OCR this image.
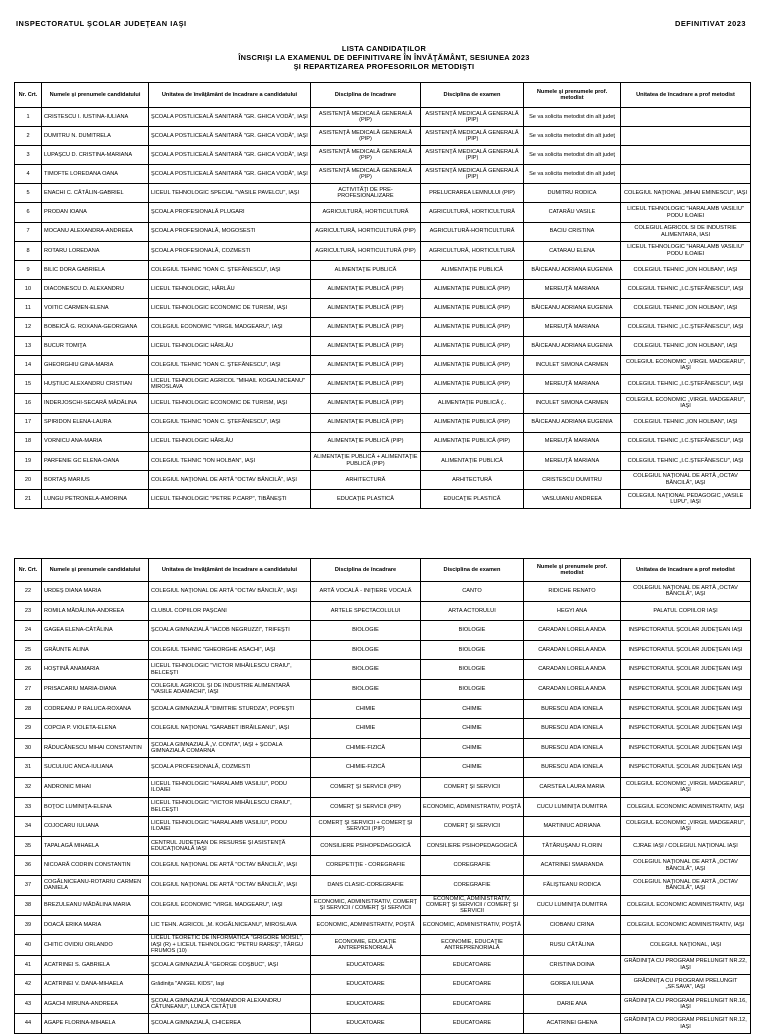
INSPECTORATUL ŞCOLAR JUDEŢEAN IAŞI	DEFINITIVAT 2023
LISTA CANDIDAŢILOR
ÎNSCRIŞI LA EXAMENUL DE DEFINITIVARE ÎN ÎNVĂŢĂMÂNT, SESIUNEA 2023
ŞI REPARTIZAREA PROFESORILOR METODIŞTI
Nr. Crt.	Numele şi prenumele candidatului	Unitatea de învăţământ de încadrare a candidatului	Disciplina de încadrare	Disciplina de examen	Numele şi prenumele prof. metodist	Unitatea de încadrare a prof metodist
1	CRISTESCU I. IUSTINA-IULIANA	ŞCOALA POSTLICEALĂ SANITARĂ "GR. GHICA VODĂ", IAŞI	ASISTENŢĂ MEDICALĂ GENERALĂ (PIP)	ASISTENŢĂ MEDICALĂ GENERALĂ (PIP)	Se va solicita metodist din alt judeţ	
2	DUMITRU N. DUMITRELA	ŞCOALA POSTLICEALĂ SANITARĂ "GR. GHICA VODĂ", IAŞI	ASISTENŢĂ MEDICALĂ GENERALĂ (PIP)	ASISTENŢĂ MEDICALĂ GENERALĂ (PIP)	Se va solicita metodist din alt judeţ	
3	LUPAŞCU D. CRISTINA-MARIANA	ŞCOALA POSTLICEALĂ SANITARĂ "GR. GHICA VODĂ", IAŞI	ASISTENŢĂ MEDICALĂ GENERALĂ (PIP)	ASISTENŢĂ MEDICALĂ GENERALĂ (PIP)	Se va solicita metodist din alt judeţ	
4	TIMOFTE LOREDANA OANA	ŞCOALA POSTLICEALĂ SANITARĂ "GR. GHICA VODĂ", IAŞI	ASISTENŢĂ MEDICALĂ GENERALĂ (PIP)	ASISTENŢĂ MEDICALĂ GENERALĂ (PIP)	Se va solicita metodist din alt judeţ	
5	ENACHI C. CĂTĂLIN-GABRIEL	LICEUL TEHNOLOGIC SPECIAL "VASILE PAVELCU", IAŞI	ACTIVITĂŢI DE PRE-PROFESIONALIZARE	PRELUCRAREA LEMNULUI (PIP)	DUMITRU RODICA	COLEGIUL NAŢIONAL „MIHAI EMINESCU", IAŞI
6	PRODAN IOANA	ŞCOALA PROFESIONALĂ PLUGARI	AGRICULTURĂ, HORTICULTURĂ	AGRICULTURĂ, HORTICULTURĂ	CATARĂU VASILE	LICEUL TEHNOLOGIC "HARALAMB VASILIU" PODU ILOAIEI
7	MOCANU ALEXANDRA-ANDREEA	ŞCOALA PROFESIONALĂ, MOGOSESTI	AGRICULTURĂ, HORTICULTURĂ (PIP)	AGRICULTURĂ-HORTICULTURĂ	BACIU CRISTINA	COLEGIUL AGRICOL SI DE INDUSTRIE ALIMENTARA, IASI
8	ROTARU LOREDANA	ŞCOALA PROFESIONALĂ, COZMESTI	AGRICULTURĂ, HORTICULTURĂ (PIP)	AGRICULTURĂ, HORTICULTURĂ	CATARAU ELENA	LICEUL TEHNOLOGIC "HARALAMB VASILIU" PODU ILOAIEI
9	BILIC DORA GABRIELA	COLEGIUL TEHNIC "IOAN C. ŞTEFĂNESCU", IAŞI	ALIMENTAŢIE PUBLICĂ	ALIMENTAŢIE PUBLICĂ	BĂICEANU ADRIANA EUGENIA	COLEGIUL TEHNIC „ION HOLBAN", IAŞI
10	DIACONESCU D. ALEXANDRU	LICEUL TEHNOLOGIC, HÂRLĂU	ALIMENTAŢIE PUBLICĂ (PIP)	ALIMENTAŢIE PUBLICĂ (PIP)	MEREUŢĂ MARIANA	COLEGIUL TEHNIC „I.C.ŞTEFĂNESCU", IAŞI
11	VOITIC CARMEN-ELENA	LICEUL TEHNOLOGIC ECONOMIC DE TURISM, IAŞI	ALIMENTAŢIE PUBLICĂ (PIP)	ALIMENTAŢIE PUBLICĂ (PIP)	BĂICEANU ADRIANA EUGENIA	COLEGIUL TEHNIC „ION HOLBAN", IAŞI
12	BOBEICĂ G. ROXANA-GEORGIANA	COLEGIUL ECONOMIC "VIRGIL MADGEARU", IAŞI	ALIMENTAŢIE PUBLICĂ (PIP)	ALIMENTAŢIE PUBLICĂ (PIP)	MEREUŢĂ MARIANA	COLEGIUL TEHNIC „I.C.ŞTEFĂNESCU", IAŞI
13	BUCUR TOMIŢA	LICEUL TEHNOLOGIC HÂRLĂU	ALIMENTAŢIE PUBLICĂ (PIP)	ALIMENTAŢIE PUBLICĂ (PIP)	BĂICEANU ADRIANA EUGENIA	COLEGIUL TEHNIC „ION HOLBAN", IAŞI
14	GHEORGHIU GINA-MARIA	COLEGIUL TEHNIC "IOAN C. ŞTEFĂNESCU", IAŞI	ALIMENTAŢIE PUBLICĂ (PIP)	ALIMENTAŢIE PUBLICĂ (PIP)	INCULET SIMONA CARMEN	COLEGIUL ECONOMIC „VIRGIL MADGEARU", IAŞI
15	HUŞTIUC ALEXANDRU CRISTIAN	LICEUL TEHNOLOGIC AGRICOL "MIHAIL KOGALNICEANU" MIROSLAVA	ALIMENTAŢIE PUBLICĂ (PIP)	ALIMENTAŢIE PUBLICĂ (PIP)	MEREUŢĂ MARIANA	COLEGIUL TEHNIC „I.C.ŞTEFĂNESCU", IAŞI
16	INDERJOSCHI-SECARĂ MĂDĂLINA	LICEUL TEHNOLOGIC ECONOMIC DE TURISM, IAŞI	ALIMENTAŢIE PUBLICĂ (PIP)	ALIMENTAŢIE PUBLICĂ (..	INCULET SIMONA CARMEN	COLEGIUL ECONOMIC „VIRGIL MADGEARU", IAŞI
17	SPIRIDON ELENA-LAURA	COLEGIUL TEHNIC "IOAN C. ŞTEFĂNESCU", IAŞI	ALIMENTAŢIE PUBLICĂ (PIP)	ALIMENTAŢIE PUBLICĂ (PIP)	BĂICEANU ADRIANA EUGENIA	COLEGIUL TEHNIC „ION HOLBAN", IAŞI
18	VORNICU ANA-MARIA	LICEUL TEHNOLOGIC HÂRLĂU	ALIMENTAŢIE PUBLICĂ (PIP)	ALIMENTAŢIE PUBLICĂ (PIP)	MEREUŢĂ MARIANA	COLEGIUL TEHNIC „I.C.ŞTEFĂNESCU", IAŞI
19	PARFENIE GC ELENA-OANA	COLEGIUL TEHNIC "ION HOLBAN", IAŞI	ALIMENTAŢIE PUBLICĂ + ALIMENTAŢIE PUBLICĂ (PIP)	ALIMENTAŢIE PUBLICĂ	MEREUŢĂ MARIANA	COLEGIUL TEHNIC „I.C.ŞTEFĂNESCU", IAŞI
20	BORTAŞ MARIUS	COLEGIUL NAŢIONAL DE ARTĂ "OCTAV BĂNCILĂ", IAŞI	ARHITECTURĂ	ARHITECTURĂ	CRISTESCU DUMITRU	COLEGIUL NAŢIONAL DE ARTĂ „OCTAV BĂNCILĂ", IAŞI
21	LUNGU PETRONELA-AMORINA	LICEUL TEHNOLOGIC "PETRE P.CARP", TIBĂNEŞTI	EDUCAŢIE PLASTICĂ	EDUCAŢIE PLASTICĂ	VASLUIANU ANDREEA	COLEGIUL NAŢIONAL PEDAGOGIC „VASILE LUPU", IAŞI
Nr. Crt.	Numele şi prenumele candidatului	Unitatea de învăţământ de încadrare a candidatului	Disciplina de încadrare	Disciplina de examen	Numele şi prenumele prof. metodist	Unitatea de încadrare a prof metodist
22	URDEŞ DIANA MARIA	COLEGIUL NAŢIONAL DE ARTĂ "OCTAV BĂNCILĂ", IAŞI	ARTĂ VOCALĂ - INIŢIERE VOCALĂ	CANTO	RIDICHE RENATO	COLEGIUL NAŢIONAL DE ARTĂ „OCTAV BĂNCILĂ", IAŞI
23	ROMILA MĂDĂLINA-ANDREEA	CLUBUL COPIILOR PAŞCANI	ARTELE SPECTACOLULUI	ARTA ACTORULUI	HEGYI ANA	PALATUL COPIILOR IAŞI
24	GAGEA ELENA-CĂTĂLINA	ŞCOALA GIMNAZIALĂ "IACOB NEGRUZZI", TRIFEŞTI	BIOLOGIE	BIOLOGIE	CARADAN LORELA ANDA	INSPECTORATUL ŞCOLAR JUDEŢEAN IAŞI
25	GRĂUNTE ALINA	COLEGIUL TEHNIC "GHEORGHE ASACHI", IAŞI	BIOLOGIE	BIOLOGIE	CARADAN LORELA ANDA	INSPECTORATUL ŞCOLAR JUDEŢEAN IAŞI
26	HOŞTINĂ ANAMARIA	LICEUL TEHNOLOGIC "VICTOR MIHĂILESCU CRAIU", BELCEŞTI	BIOLOGIE	BIOLOGIE	CARADAN LORELA ANDA	INSPECTORATUL ŞCOLAR JUDEŢEAN IAŞI
27	PRISACARIU MARIA-DIANA	COLEGIUL AGRICOL ŞI DE INDUSTRIE ALIMENTARĂ "VASILE ADAMACHI", IAŞI	BIOLOGIE	BIOLOGIE	CARADAN LORELA ANDA	INSPECTORATUL ŞCOLAR JUDEŢEAN IAŞI
28	CODREANU P RALUCA-ROXANA	ŞCOALA GIMNAZIALĂ "DIMITRIE STURDZA", POPEŞTI	CHIMIE	CHIMIE	BURESCU ADA IONELA	INSPECTORATUL ŞCOLAR JUDEŢEAN IAŞI
29	COPCIA P. VIOLETA-ELENA	COLEGIUL NAŢIONAL "GARABET IBRĂILEANU", IAŞI	CHIMIE	CHIMIE	BURESCU ADA IONELA	INSPECTORATUL ŞCOLAR JUDEŢEAN IAŞI
30	RĂDUCĂNESCU MIHAI CONSTANTIN	ŞCOALA GIMNAZIALĂ „V. CONTA", IAŞI + ŞCOALA GIMNAZIALĂ COMARNA	CHIMIE-FIZICĂ	CHIMIE	BURESCU ADA IONELA	INSPECTORATUL ŞCOLAR JUDEŢEAN IAŞI
31	SUCULIUC ANCA-IULIANA	ŞCOALA PROFESIONALĂ, COZMESTI	CHIMIE-FIZICĂ	CHIMIE	BURESCU ADA IONELA	INSPECTORATUL ŞCOLAR JUDEŢEAN IAŞI
32	ANDRONIC MIHAI	LICEUL TEHNOLOGIC "HARALAMB VASILIU", PODU ILOAIEI	COMERŢ ŞI SERVICII (PIP)	COMERŢ ŞI SERVICII	CARSTEA LAURA MARIA	COLEGIUL ECONOMIC „VIRGIL MADGEARU", IAŞI
33	BOŢOC LUMINIŢA-ELENA	LICEUL TEHNOLOGIC "VICTOR MIHĂILESCU CRAIU", BELCEŞTI	COMERŢ ŞI SERVICII (PIP)	ECONOMIC, ADMINISTRATIV, POŞTĂ	CUCU LUMINIŢA DUMITRA	COLEGIUL ECONOMIC ADMINISTRATIV, IAŞI
34	COJOCARU IULIANA	LICEUL TEHNOLOGIC "HARALAMB VASILIU", PODU ILOAIEI	COMERŢ ŞI SERVICII + COMERŢ ŞI SERVICII (PIP)	COMERŢ ŞI SERVICII	MARTINIUC ADRIANA	COLEGIUL ECONOMIC „VIRGIL MADGEARU", IAŞI
35	TAPALAGĂ MIHAELA	CENTRUL JUDEŢEAN DE RESURSE ŞI ASISTENŢĂ EDUCAŢIONALĂ IAŞI	CONSILIERE PSIHOPEDAGOGICĂ	CONSILIERE PSIHOPEDAGOGICĂ	TĂTĂRUŞANU FLORIN	CJRAE IAŞI / COLEGIUL NAŢIONAL IAŞI
36	NICOARĂ CODRIN CONSTANTIN	COLEGIUL NAŢIONAL DE ARTĂ "OCTAV BĂNCILĂ", IAŞI	COREPETIŢIE - COREGRAFIE	COREGRAFIE	ACATRINEI SMARANDA	COLEGIUL NAŢIONAL DE ARTĂ „OCTAV BĂNCILĂ", IAŞI
37	COGĂLNICEANU-ROTARIU CARMEN DANIELA	COLEGIUL NAŢIONAL DE ARTĂ "OCTAV BĂNCILĂ", IAŞI	DANS CLASIC-COREGRAFIE	COREGRAFIE	FĂLIŞTEANU RODICA	COLEGIUL NAŢIONAL DE ARTĂ „OCTAV BĂNCILĂ", IAŞI
38	BREZULEANU MĂDĂLINA MARIA	COLEGIUL ECONOMIC "VIRGIL MADGEARU", IAŞI	ECONOMIC, ADMINISTRATIV, COMERŢ ŞI SERVICII / COMERŢ ŞI SERVICII	ECONOMIC, ADMINISTRATIV, COMERŢ ŞI SERVICII / COMERŢ ŞI SERVICII	CUCU LUMINIŢA DUMITRA	COLEGIUL ECONOMIC ADMINISTRATIV, IAŞI
39	DOACĂ ERIKA MARIA	LIC TEHN. AGRICOL „M. KOGĂLNICEANU", MIROSLAVA	ECONOMIC, ADMINISTRATIV, POŞTĂ	ECONOMIC, ADMINISTRATIV, POŞTĂ	CIOBANU CRINA	COLEGIUL ECONOMIC ADMINISTRATIV, IAŞI
40	CHITIC OVIDIU ORLANDO	LICEUL TEORETIC DE INFORMATICĂ "GRIGORE MOISIL", IAŞI (R) + LICEUL TEHNOLOGIC "PETRU RAREŞ", TÂRGU FRUMOS (10)	ECONOMIE, EDUCAŢIE ANTREPRENORIALĂ	ECONOMIE, EDUCAŢIE ANTREPRENORIALĂ	RUSU CĂTĂLINA	COLEGIUL NAŢIONAL, IAŞI
41	ACATRINEI S. GABRIELA	ŞCOALA GIMNAZIALĂ "GEORGE COŞBUC", IAŞI	EDUCATOARE	EDUCATOARE	CRISTINA DOINA	GRĂDINIŢA CU PROGRAM PRELUNGIT NR.22, IAŞI
42	ACATRINEI V. DANA-MIHAELA	Grădiniţa "ANGEL KIDS", Iaşi	EDUCATOARE	EDUCATOARE	GOREA IULIANA	GRĂDINIŢA CU PROGRAM PRELUNGIT „SF.SAVA", IAŞI
43	AGACHI MIRUNA-ANDREEA	ŞCOALA GIMNAZIALĂ "COMANDOR ALEXANDRU CĂTUNEANU", LUNCA CETĂŢUII	EDUCATOARE	EDUCATOARE	DARIE ANA	GRĂDINIŢA CU PROGRAM PRELUNGIT NR.16, IAŞI
44	AGAPE FLORINA-MIHAELA	ŞCOALA GIMNAZIALĂ, CHICEREA	EDUCATOARE	EDUCATOARE	ACATRINEI GHENA	GRĂDINIŢA CU PROGRAM PRELUNGIT NR.12, IAŞI
